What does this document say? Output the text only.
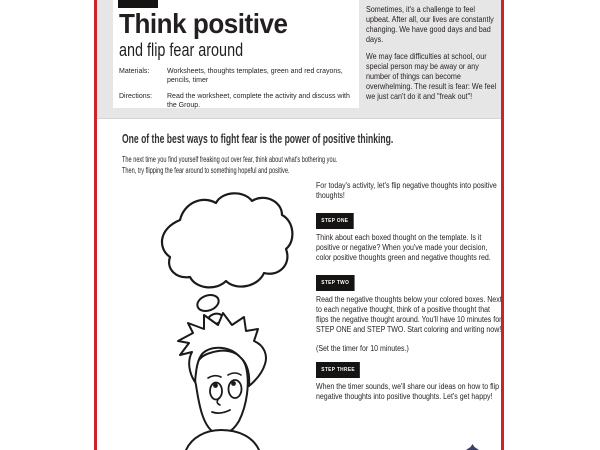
Think positive
and flip fear around
Materials:	Worksheets, thoughts templates, green and red crayons, pencils, timer
Directions:	Read the worksheet, complete the activity and discuss with the Group.

Sometimes, it's a challenge to feel upbeat. After all, our lives are constantly changing. We have good days and bad days.

We may face difficulties at school, our special person may be away or any number of things can become overwhelming. The result is fear: We feel we just can't do it and "freak out"!

One of the best ways to fight fear is the power of positive thinking.
The next time you find yourself freaking out over fear, think about what's bothering you.
Then, try flipping the fear around to something hopeful and positive.

For today's activity, let's flip negative thoughts into positive thoughts!

STEP ONE

Think about each boxed thought on the template. Is it positive or negative? When you've made your decision, color positive thoughts green and negative thoughts red.

STEP TWO

Read the negative thoughts below your colored boxes. Next to each negative thought, think of a positive thought that flips the negative thought around. You'll have 10 minutes for STEP ONE and STEP TWO. Start coloring and writing now!

(Set the timer for 10 minutes.)

STEP THREE

When the timer sounds, we'll share our ideas on how to flip negative thoughts into positive thoughts. Let's get happy!
